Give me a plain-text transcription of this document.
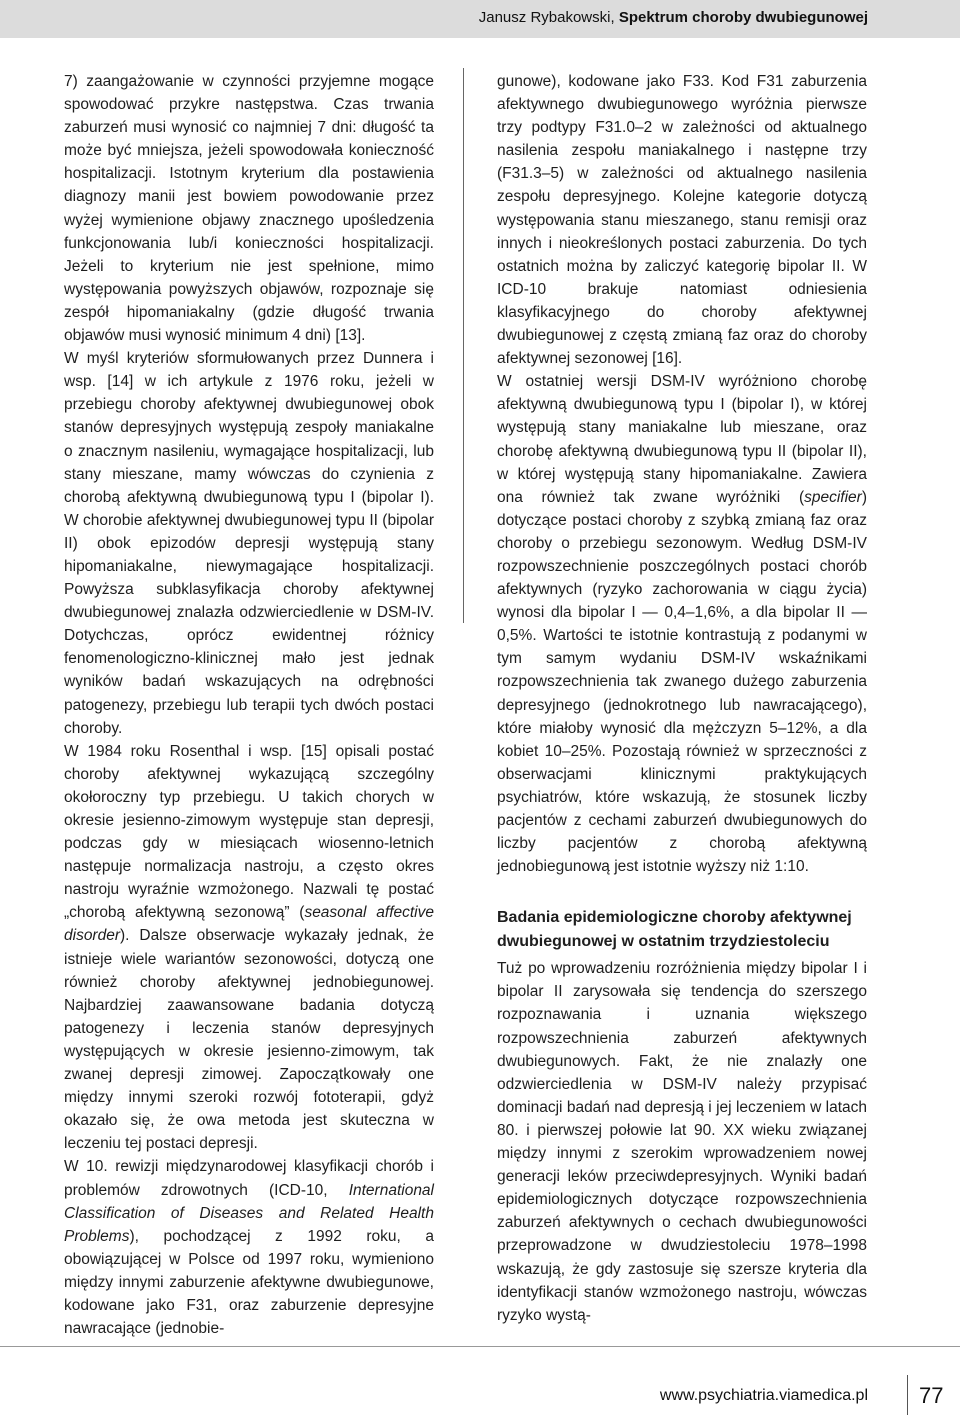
Janusz Rybakowski, Spektrum choroby dwubiegunowej

7) zaangażowanie w czynności przyjemne mogące spowodować przykre następstwa. Czas trwania zaburzeń musi wynosić co najmniej 7 dni: długość ta może być mniejsza, jeżeli spowodowała konieczność hospitalizacji. Istotnym kryterium dla postawienia diagnozy manii jest bowiem powodowanie przez wyżej wymienione objawy znacznego upośledzenia funkcjonowania lub/i konieczności hospitalizacji. Jeżeli to kryterium nie jest spełnione, mimo występowania powyższych objawów, rozpoznaje się zespół hipomaniakalny (gdzie długość trwania objawów musi wynosić minimum 4 dni) [13].

W myśl kryteriów sformułowanych przez Dunnera i wsp. [14] w ich artykule z 1976 roku, jeżeli w przebiegu choroby afektywnej dwubiegunowej obok stanów depresyjnych występują zespoły maniakalne o znacznym nasileniu, wymagające hospitalizacji, lub stany mieszane, mamy wówczas do czynienia z chorobą afektywną dwubiegunową typu I (bipolar I). W chorobie afektywnej dwubiegunowej typu II (bipolar II) obok epizodów depresji występują stany hipomaniakalne, niewymagające hospitalizacji. Powyższa subklasyfikacja choroby afektywnej dwubiegunowej znalazła odzwierciedlenie w DSM-IV. Dotychczas, oprócz ewidentnej różnicy fenomenologiczno-klinicznej mało jest jednak wyników badań wskazujących na odrębności patogenezy, przebiegu lub terapii tych dwóch postaci choroby.

W 1984 roku Rosenthal i wsp. [15] opisali postać choroby afektywnej wykazującą szczególny okołoroczny typ przebiegu. U takich chorych w okresie jesienno-zimowym występuje stan depresji, podczas gdy w miesiącach wiosenno-letnich następuje normalizacja nastroju, a często okres nastroju wyraźnie wzmożonego. Nazwali tę postać „chorobą afektywną sezonową” (seasonal affective disorder). Dalsze obserwacje wykazały jednak, że istnieje wiele wariantów sezonowości, dotyczą one również choroby afektywnej jednobiegunowej. Najbardziej zaawansowane badania dotyczą patogenezy i leczenia stanów depresyjnych występujących w okresie jesienno-zimowym, tak zwanej depresji zimowej. Zapoczątkowały one między innymi szeroki rozwój fototerapii, gdyż okazało się, że owa metoda jest skuteczna w leczeniu tej postaci depresji.

W 10. rewizji międzynarodowej klasyfikacji chorób i problemów zdrowotnych (ICD-10, International Classification of Diseases and Related Health Problems), pochodzącej z 1992 roku, a obowiązującej w Polsce od 1997 roku, wymieniono między innymi zaburzenie afektywne dwubiegunowe, kodowane jako F31, oraz zaburzenie depresyjne nawracające (jednobie-

gunowe), kodowane jako F33. Kod F31 zaburzenia afektywnego dwubiegunowego wyróżnia pierwsze trzy podtypy F31.0–2 w zależności od aktualnego nasilenia zespołu maniakalnego i następne trzy (F31.3–5) w zależności od aktualnego nasilenia zespołu depresyjnego. Kolejne kategorie dotyczą występowania stanu mieszanego, stanu remisji oraz innych i nieokreślonych postaci zaburzenia. Do tych ostatnich można by zaliczyć kategorię bipolar II. W ICD-10 brakuje natomiast odniesienia klasyfikacyjnego do choroby afektywnej dwubiegunowej z częstą zmianą faz oraz do choroby afektywnej sezonowej [16].

W ostatniej wersji DSM-IV wyróżniono chorobę afektywną dwubiegunową typu I (bipolar I), w której występują stany maniakalne lub mieszane, oraz chorobę afektywną dwubiegunową typu II (bipolar II), w której występują stany hipomaniakalne. Zawiera ona również tak zwane wyróżniki (specifier) dotyczące postaci choroby z szybką zmianą faz oraz choroby o przebiegu sezonowym. Według DSM-IV rozpowszechnienie poszczególnych postaci chorób afektywnych (ryzyko zachorowania w ciągu życia) wynosi dla bipolar I — 0,4–1,6%, a dla bipolar II — 0,5%. Wartości te istotnie kontrastują z podanymi w tym samym wydaniu DSM-IV wskaźnikami rozpowszechnienia tak zwanego dużego zaburzenia depresyjnego (jednokrotnego lub nawracającego), które miałoby wynosić dla mężczyzn 5–12%, a dla kobiet 10–25%. Pozostają również w sprzeczności z obserwacjami klinicznymi praktykujących psychiatrów, które wskazują, że stosunek liczby pacjentów z cechami zaburzeń dwubiegunowych do liczby pacjentów z chorobą afektywną jednobiegunową jest istotnie wyższy niż 1:10.

Badania epidemiologiczne choroby afektywnej dwubiegunowej w ostatnim trzydziestoleciu

Tuż po wprowadzeniu rozróżnienia między bipolar I i bipolar II zarysowała się tendencja do szerszego rozpoznawania i uznania większego rozpowszechnienia zaburzeń afektywnych dwubiegunowych. Fakt, że nie znalazły one odzwierciedlenia w DSM-IV należy przypisać dominacji badań nad depresją i jej leczeniem w latach 80. i pierwszej połowie lat 90. XX wieku związanej między innymi z szerokim wprowadzeniem nowej generacji leków przeciwdepresyjnych. Wyniki badań epidemiologicznych dotyczące rozpowszechnienia zaburzeń afektywnych o cechach dwubiegunowości przeprowadzone w dwudziestoleciu 1978–1998 wskazują, że gdy zastosuje się szersze kryteria dla identyfikacji stanów wzmożonego nastroju, wówczas ryzyko wystą-

www.psychiatria.viamedica.pl 77
